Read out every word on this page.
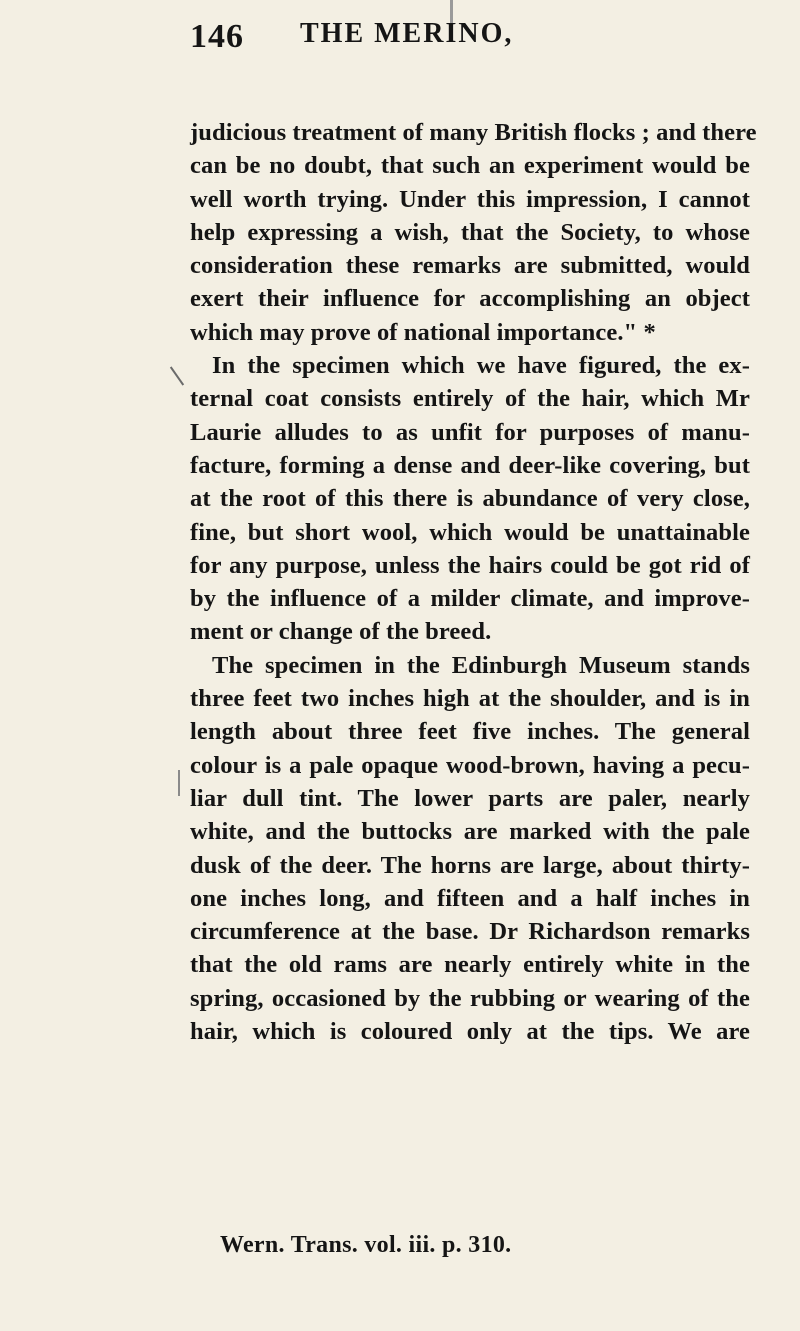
146 THE MERINO,
judicious treatment of many British flocks ; and there
can be no doubt, that such an experiment would be
well worth trying. Under this impression, I cannot
help expressing a wish, that the Society, to whose
consideration these remarks are submitted, would
exert their influence for accomplishing an object
which may prove of national importance." *
In the specimen which we have figured, the ex-
ternal coat consists entirely of the hair, which Mr
Laurie alludes to as unfit for purposes of manu-
facture, forming a dense and deer-like covering, but
at the root of this there is abundance of very close,
fine, but short wool, which would be unattainable
for any purpose, unless the hairs could be got rid of
by the influence of a milder climate, and improve-
ment or change of the breed.
The specimen in the Edinburgh Museum stands
three feet two inches high at the shoulder, and is in
length about three feet five inches. The general
colour is a pale opaque wood-brown, having a pecu-
liar dull tint. The lower parts are paler, nearly
white, and the buttocks are marked with the pale
dusk of the deer. The horns are large, about thirty-
one inches long, and fifteen and a half inches in
circumference at the base. Dr Richardson remarks
that the old rams are nearly entirely white in the
spring, occasioned by the rubbing or wearing of the
hair, which is coloured only at the tips. We are
Wern. Trans. vol. iii. p. 310.
